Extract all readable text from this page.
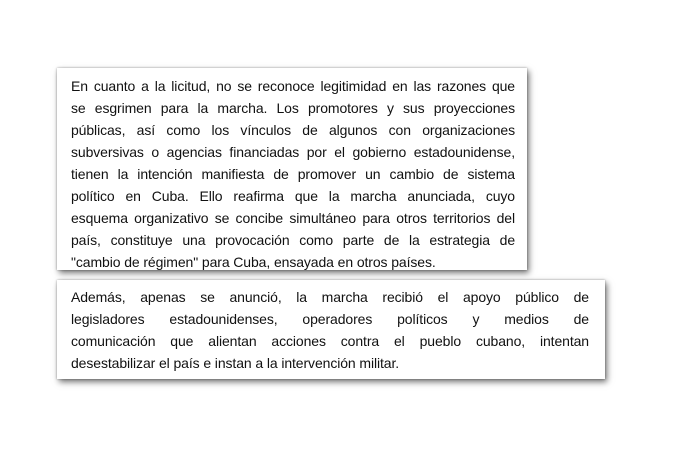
En cuanto a la licitud, no se reconoce legitimidad en las razones que
se esgrimen para la marcha. Los promotores y sus proyecciones
públicas, así como los vínculos de algunos con organizaciones
subversivas o agencias financiadas por el gobierno estadounidense,
tienen la intención manifiesta de promover un cambio de sistema
político en Cuba. Ello reafirma que la marcha anunciada, cuyo
esquema organizativo se concibe simultáneo para otros territorios del
país, constituye una provocación como parte de la estrategia de
"cambio de régimen" para Cuba, ensayada en otros países.
Además, apenas se anunció, la marcha recibió el apoyo público de
legisladores estadounidenses, operadores políticos y medios de
comunicación que alientan acciones contra el pueblo cubano, intentan
desestabilizar el país e instan a la intervención militar.
